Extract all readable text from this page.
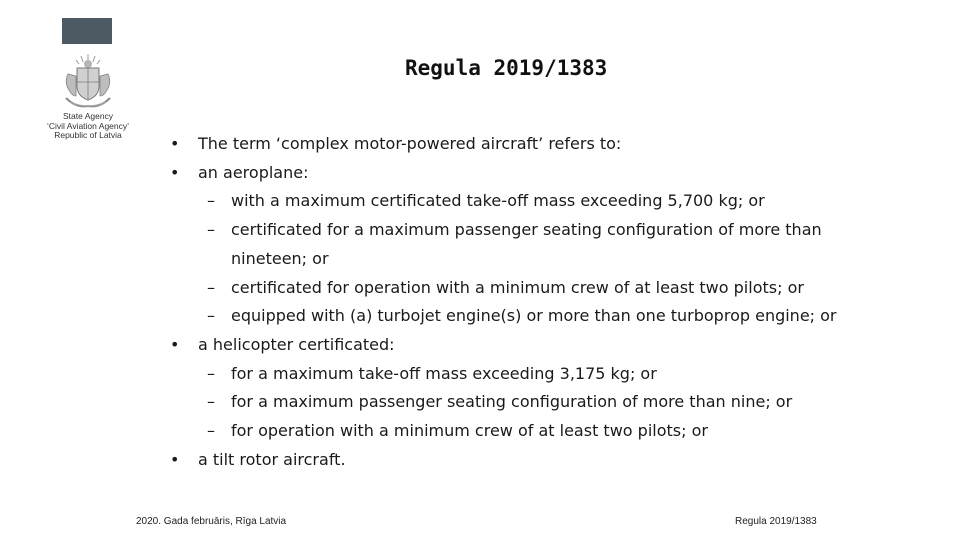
State Agency
‘Civil Aviation Agency’
Republic of Latvia
Regula 2019/1383
•	The term ‘complex motor-powered aircraft’ refers to:
•	an aeroplane:
–	with a maximum certificated take-off mass exceeding 5,700 kg; or
–	certificated for a maximum passenger seating configuration of more than
nineteen; or
–	certificated for operation with a minimum crew of at least two pilots; or
–	equipped with (a) turbojet engine(s) or more than one turboprop engine; or
•	a helicopter certificated:
–	for a maximum take-off mass exceeding 3,175 kg; or
–	for a maximum passenger seating configuration of more than nine; or
–	for operation with a minimum crew of at least two pilots; or
•	a tilt rotor aircraft.
2020. Gada februāris, Rīga Latvia	Regula 2019/1383
